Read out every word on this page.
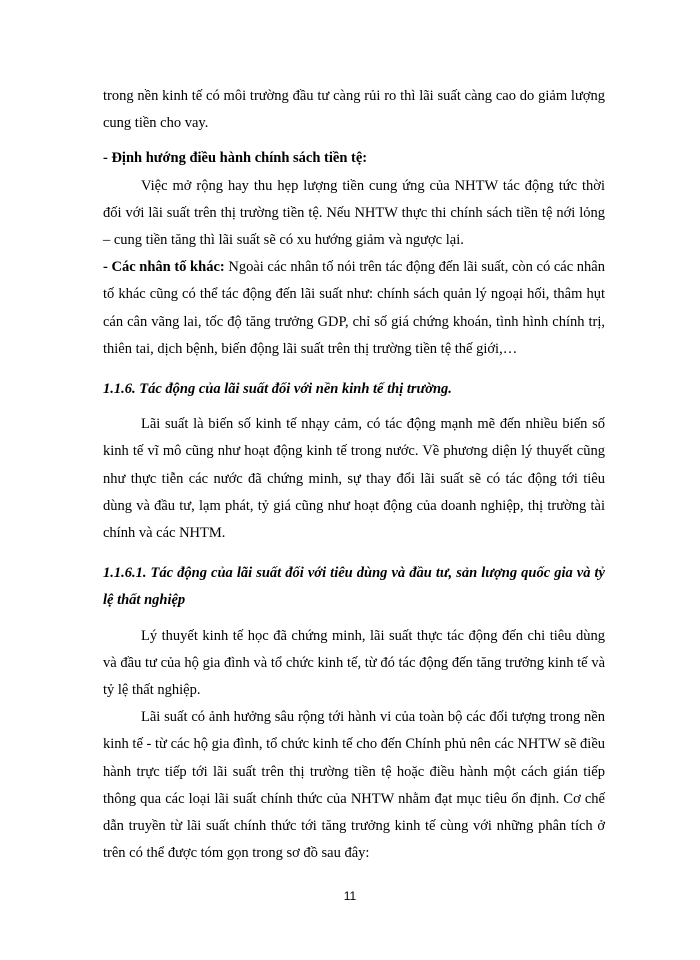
trong nền kinh tế có môi trường đầu tư càng rủi ro thì lãi suất càng cao do giảm lượng cung tiền cho vay.

- Định hướng điều hành chính sách tiền tệ:

Việc mở rộng hay thu hẹp lượng tiền cung ứng của NHTW tác động tức thời đối với lãi suất trên thị trường tiền tệ. Nếu NHTW thực thi chính sách tiền tệ nới lỏng – cung tiền tăng thì lãi suất sẽ có xu hướng giảm và ngược lại.

- Các nhân tố khác: Ngoài các nhân tố nói trên tác động đến lãi suất, còn có các nhân tố khác cũng có thể tác động đến lãi suất như: chính sách quản lý ngoại hối, thâm hụt cán cân vãng lai, tốc độ tăng trưởng GDP, chỉ số giá chứng khoán, tình hình chính trị, thiên tai, dịch bệnh, biến động lãi suất trên thị trường tiền tệ thế giới,…

1.1.6. Tác động của lãi suất đối với nền kinh tế thị trường.

Lãi suất là biến số kinh tế nhạy cảm, có tác động mạnh mẽ đến nhiều biến số kinh tế vĩ mô cũng như hoạt động kinh tế trong nước. Về phương diện lý thuyết cũng như thực tiễn các nước đã chứng minh, sự thay đổi lãi suất sẽ có tác động tới tiêu dùng và đầu tư, lạm phát, tỷ giá cũng như hoạt động của doanh nghiệp, thị trường tài chính và các NHTM.

1.1.6.1. Tác động của lãi suất đối với tiêu dùng và đầu tư, sản lượng quốc gia và tỷ lệ thất nghiệp

Lý thuyết kinh tế học đã chứng minh, lãi suất thực tác động đến chi tiêu dùng và đầu tư của hộ gia đình và tổ chức kinh tế, từ đó tác động đến tăng trưởng kinh tế và tỷ lệ thất nghiệp.

Lãi suất có ảnh hưởng sâu rộng tới hành vi của toàn bộ các đối tượng trong nền kinh tế - từ các hộ gia đình, tổ chức kinh tế cho đến Chính phủ nên các NHTW sẽ điều hành trực tiếp tới lãi suất trên thị trường tiền tệ hoặc điều hành một cách gián tiếp thông qua các loại lãi suất chính thức của NHTW nhằm đạt mục tiêu ổn định. Cơ chế dẫn truyền từ lãi suất chính thức tới tăng trưởng kinh tế cùng với những phân tích ở trên có thể được tóm gọn trong sơ đồ sau đây:

11
